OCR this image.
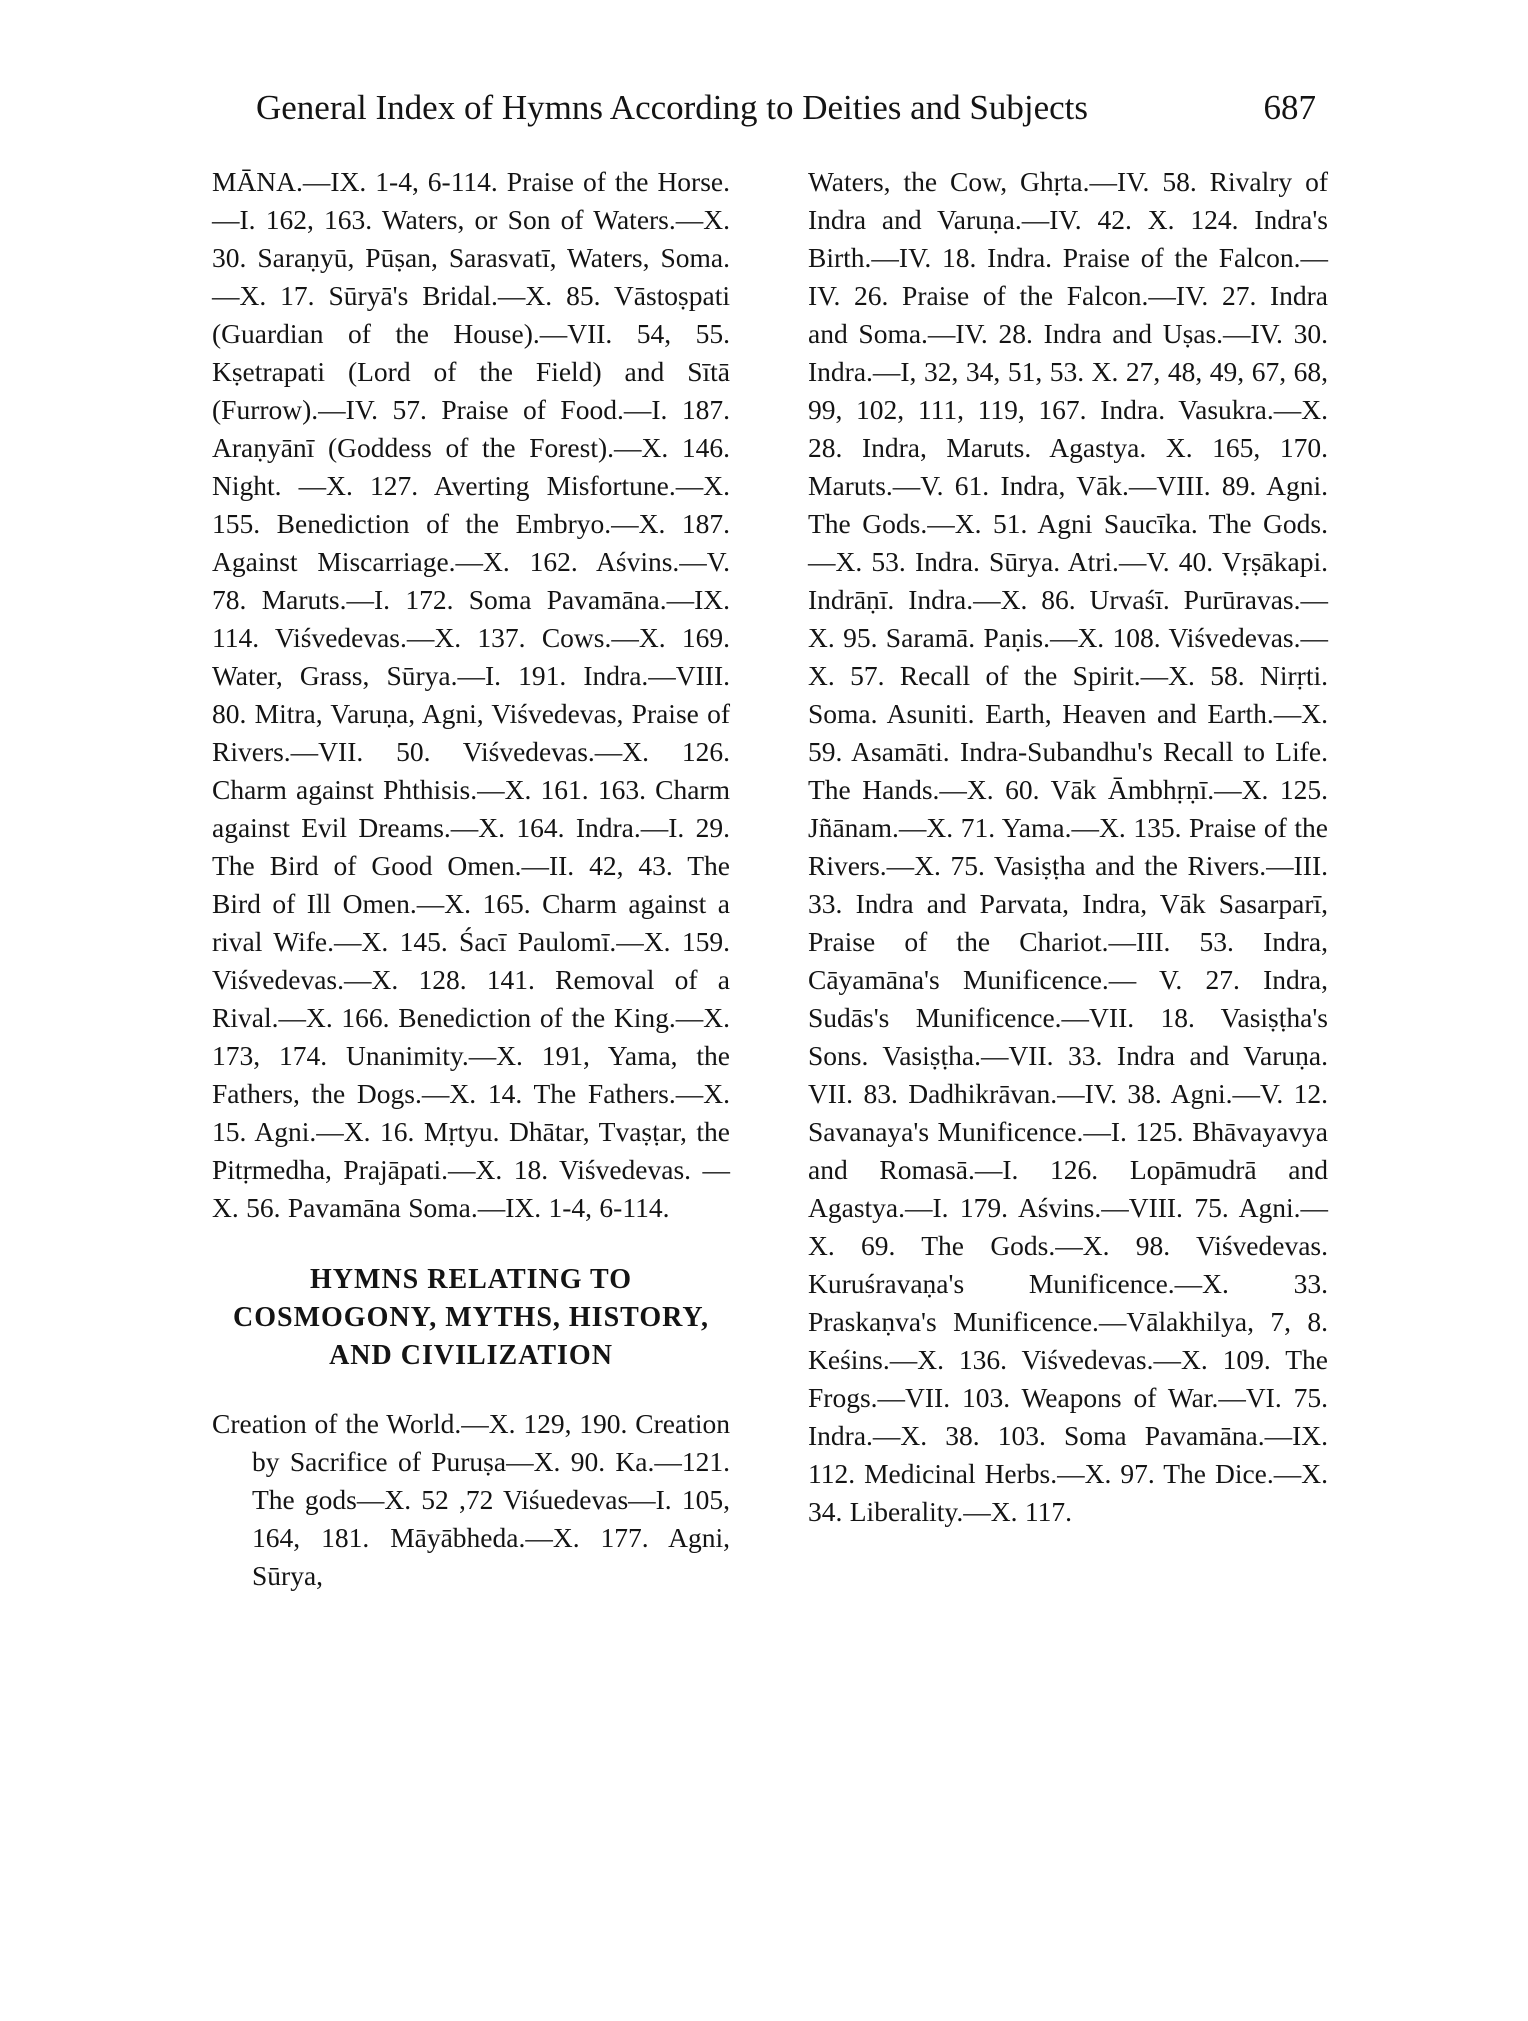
General Index of Hymns According to Deities and Subjects	687

MĀNA.—IX. 1-4, 6-114. Praise of the Horse.—I. 162, 163. Waters, or Son of Waters.—X. 30. Saraṇyū, Pūṣan, Sarasvatī, Waters, Soma.—X. 17. Sūryā's Bridal.—X. 85. Vāstoṣpati (Guardian of the House).—VII. 54, 55. Kṣetrapati (Lord of the Field) and Sītā (Furrow).—IV. 57. Praise of Food.—I. 187. Araṇyānī (Goddess of the Forest).—X. 146. Night. —X. 127. Averting Misfortune.—X. 155. Benediction of the Embryo.—X. 187. Against Miscarriage.—X. 162. Aśvins.—V. 78. Maruts.—I. 172. Soma Pavamāna.—IX. 114. Viśvedevas.—X. 137. Cows.—X. 169. Water, Grass, Sūrya.—I. 191. Indra.—VIII. 80. Mitra, Varuṇa, Agni, Viśvedevas, Praise of Rivers.—VII. 50. Viśvedevas.—X. 126. Charm against Phthisis.—X. 161. 163. Charm against Evil Dreams.—X. 164. Indra.—I. 29. The Bird of Good Omen.—II. 42, 43. The Bird of Ill Omen.—X. 165. Charm against a rival Wife.—X. 145. Śacī Paulomī.—X. 159. Viśvedevas.—X. 128. 141. Removal of a Rival.—X. 166. Benediction of the King.—X. 173, 174. Unanimity.—X. 191, Yama, the Fathers, the Dogs.—X. 14. The Fathers.—X. 15. Agni.—X. 16. Mṛtyu. Dhātar, Tvaṣṭar, the Pitṛmedha, Prajāpati.—X. 18. Viśvedevas. —X. 56. Pavamāna Soma.—IX. 1-4, 6-114.

HYMNS RELATING TO COSMOGONY, MYTHS, HISTORY, AND CIVILIZATION

Creation of the World.—X. 129, 190. Creation by Sacrifice of Puruṣa—X. 90. Ka.—121. The gods—X. 52 ,72 Viśuedevas—I. 105, 164, 181. Māyābheda.—X. 177. Agni, Sūrya,

Waters, the Cow, Ghṛta.—IV. 58. Rivalry of Indra and Varuṇa.—IV. 42. X. 124. Indra's Birth.—IV. 18. Indra. Praise of the Falcon.—IV. 26. Praise of the Falcon.—IV. 27. Indra and Soma.—IV. 28. Indra and Uṣas.—IV. 30. Indra.—I, 32, 34, 51, 53. X. 27, 48, 49, 67, 68, 99, 102, 111, 119, 167. Indra. Vasukra.—X. 28. Indra, Maruts. Agastya. X. 165, 170. Maruts.—V. 61. Indra, Vāk.—VIII. 89. Agni. The Gods.—X. 51. Agni Saucīka. The Gods.—X. 53. Indra. Sūrya. Atri.—V. 40. Vṛṣākapi. Indrāṇī. Indra.—X. 86. Urvaśī. Purūravas.—X. 95. Saramā. Paṇis.—X. 108. Viśvedevas.—X. 57. Recall of the Spirit.—X. 58. Nirṛti. Soma. Asuniti. Earth, Heaven and Earth.—X. 59. Asamāti. Indra-Subandhu's Recall to Life. The Hands.—X. 60. Vāk Āmbhṛṇī.—X. 125. Jñānam.—X. 71. Yama.—X. 135. Praise of the Rivers.—X. 75. Vasiṣṭha and the Rivers.—III. 33. Indra and Parvata, Indra, Vāk Sasarparī, Praise of the Chariot.—III. 53. Indra, Cāyamāna's Munificence.— V. 27. Indra, Sudās's Munificence.—VII. 18. Vasiṣṭha's Sons. Vasiṣṭha.—VII. 33. Indra and Varuṇa. VII. 83. Dadhikrāvan.—IV. 38. Agni.—V. 12. Savanaya's Munificence.—I. 125. Bhāvayavya and Romasā.—I. 126. Lopāmudrā and Agastya.—I. 179. Aśvins.—VIII. 75. Agni.—X. 69. The Gods.—X. 98. Viśvedevas. Kuruśravaṇa's Munificence.—X. 33. Praskaṇva's Munificence.—Vālakhilya, 7, 8. Keśins.—X. 136. Viśvedevas.—X. 109. The Frogs.—VII. 103. Weapons of War.—VI. 75. Indra.—X. 38. 103. Soma Pavamāna.—IX. 112. Medicinal Herbs.—X. 97. The Dice.—X. 34. Liberality.—X. 117.
